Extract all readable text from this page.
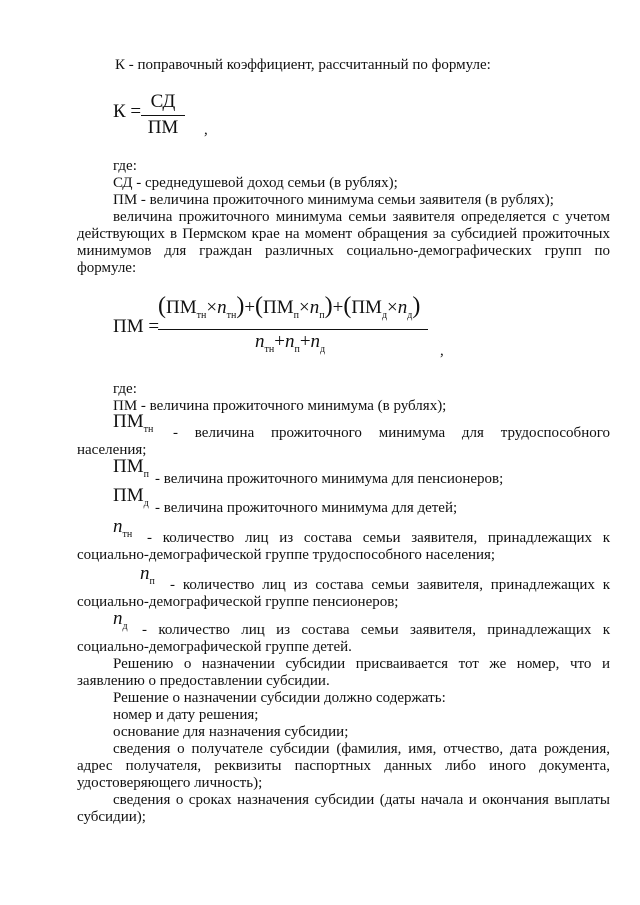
К - поправочный коэффициент, рассчитанный по формуле:
К = СД
ПМ	,
где:
СД - среднедушевой доход семьи (в рублях);
ПМ - величина прожиточного минимума семьи заявителя (в рублях);
величина прожиточного минимума семьи заявителя определяется с учетом
действующих в Пермском крае на момент обращения за субсидией прожиточных
минимумов для граждан различных социально-демографических групп по
формуле:
ПМ =
$(ПМ_{тн}\times n_{тн})+(ПМ_п\times n_п)+(ПМ_д\times n_д)$
$n_{тн}+n_п+n_д$	,
где:
ПМ - величина прожиточного минимума (в рублях);
$ПМ_{тн}$ - величина прожиточного минимума для трудоспособного
населения;
$ПМ_п$ - величина прожиточного минимума для пенсионеров;
$ПМ_д$ - величина прожиточного минимума для детей;
$n_{тн}$ - количество лиц из состава семьи заявителя, принадлежащих к
социально-демографической группе трудоспособного населения;
$n_п$ - количество лиц из состава семьи заявителя, принадлежащих к
социально-демографической группе пенсионеров;
$n_д$ - количество лиц из состава семьи заявителя, принадлежащих к
социально-демографической группе детей.
Решению о назначении субсидии присваивается тот же номер, что и
заявлению о предоставлении субсидии.
Решение о назначении субсидии должно содержать:
номер и дату решения;
основание для назначения субсидии;
сведения о получателе субсидии (фамилия, имя, отчество, дата рождения,
адрес получателя, реквизиты паспортных данных либо иного документа,
удостоверяющего личность);
сведения о сроках назначения субсидии (даты начала и окончания выплаты
субсидии);
